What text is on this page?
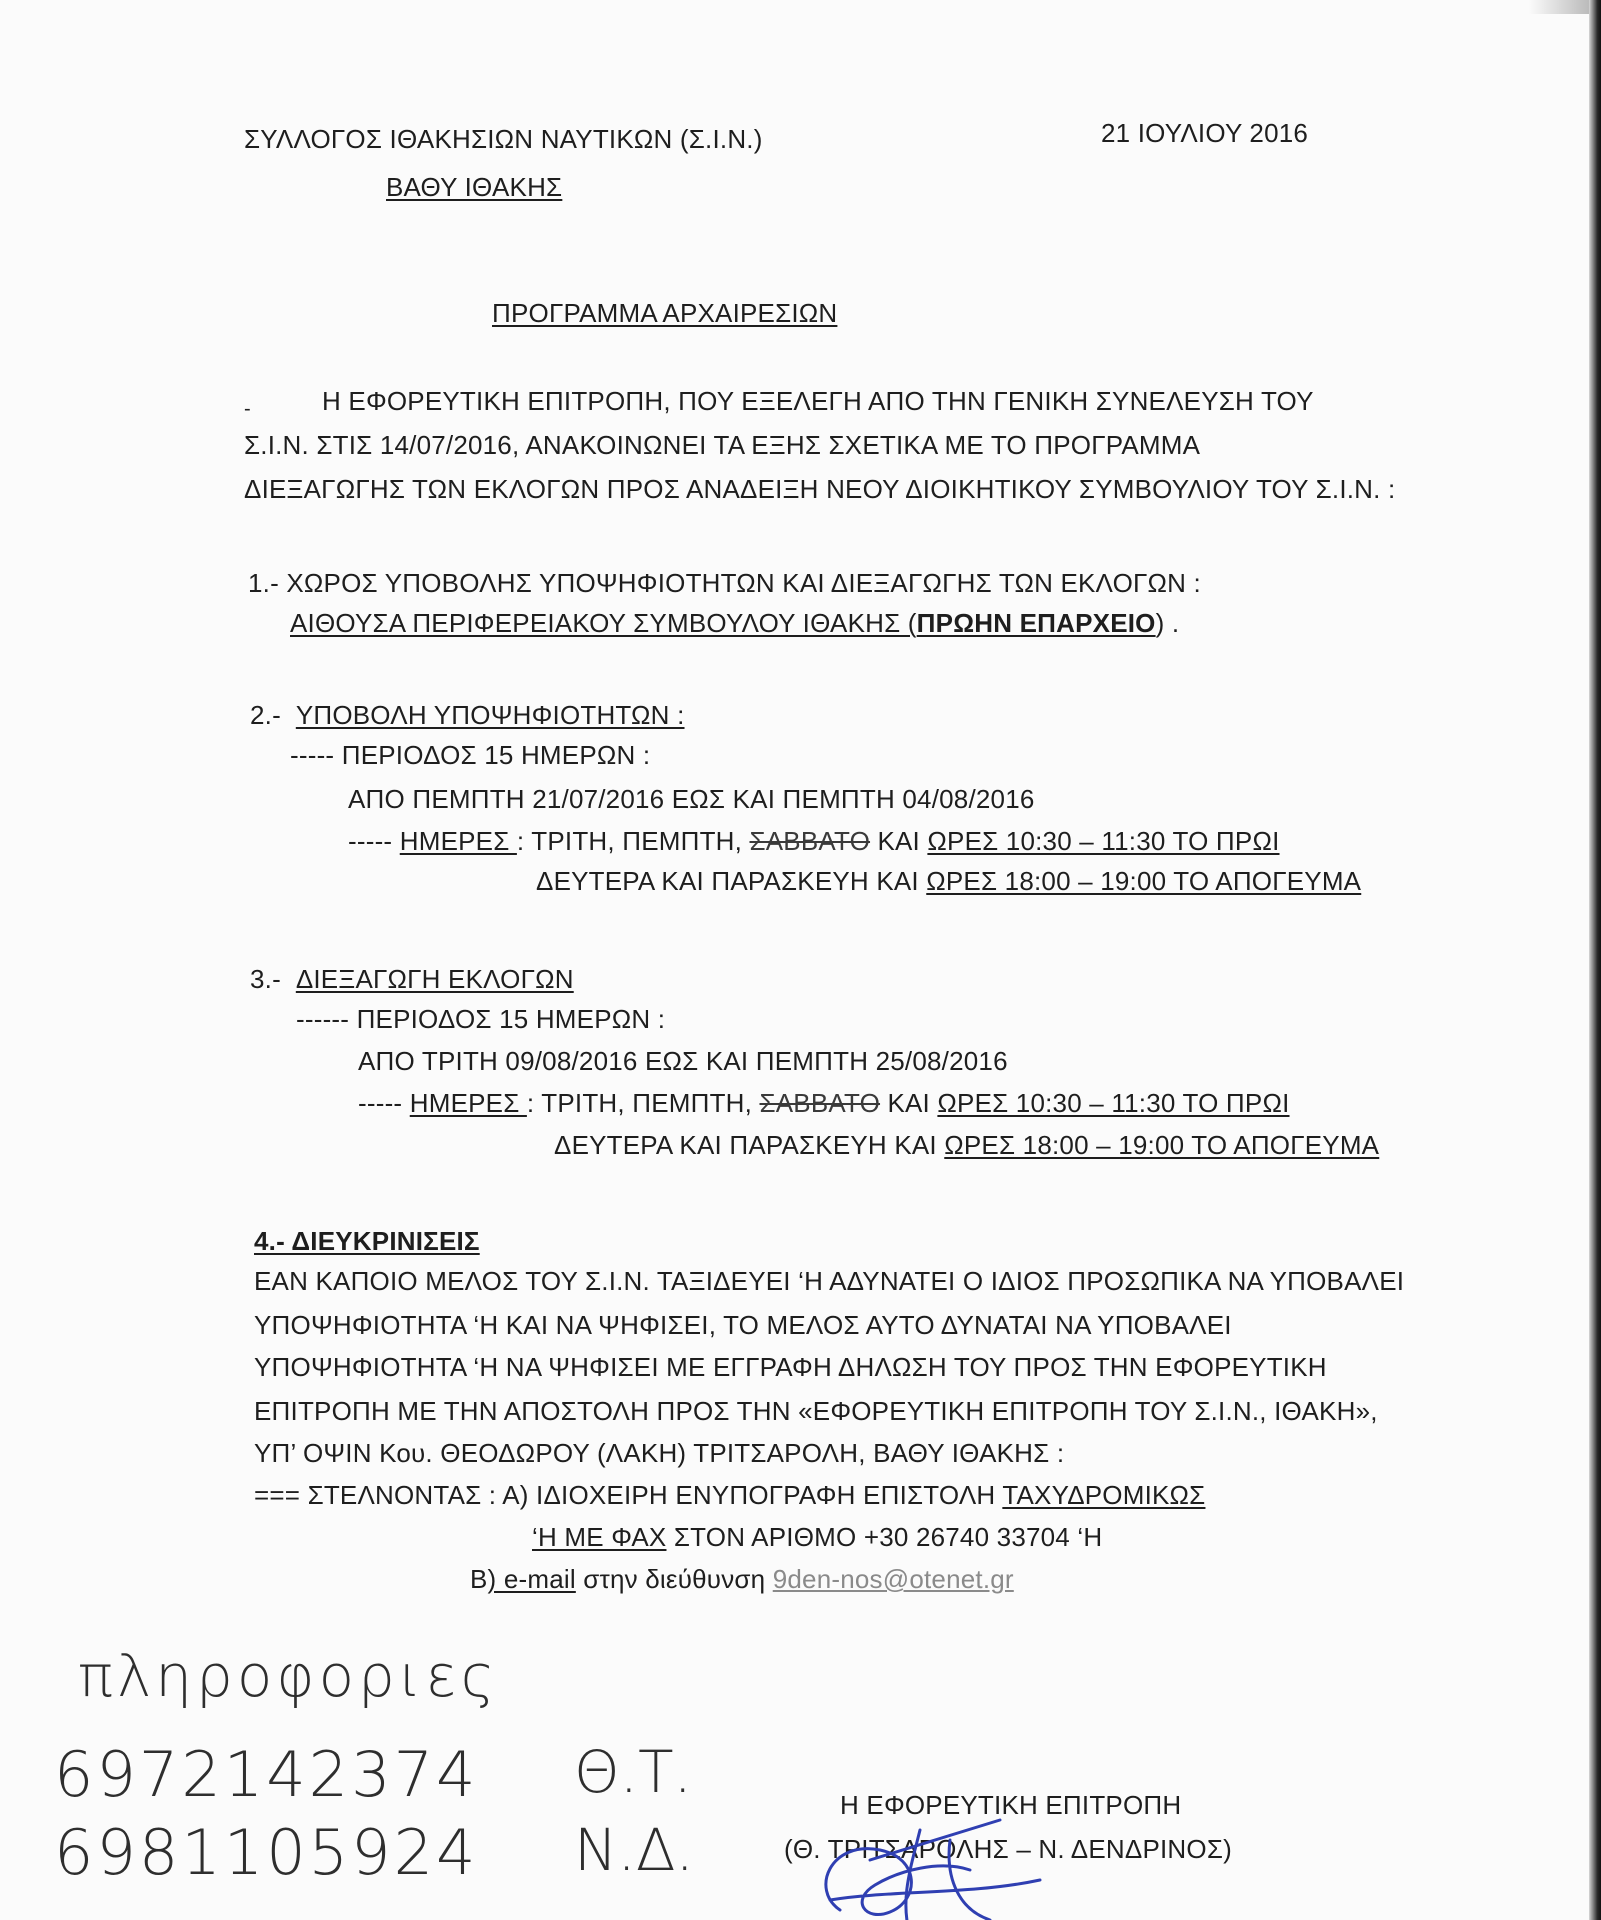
ΣΥΛΛΟΓΟΣ ΙΘΑΚΗΣΙΩΝ ΝΑΥΤΙΚΩΝ (Σ.Ι.Ν.)
ΒΑΘΥ ΙΘΑΚΗΣ
21 ΙΟΥΛΙΟΥ 2016
ΠΡΟΓΡΑΜΜΑ ΑΡΧΑΙΡΕΣΙΩΝ
-	Η ΕΦΟΡΕΥΤΙΚΗ ΕΠΙΤΡΟΠΗ, ΠΟΥ ΕΞΕΛΕΓΗ ΑΠΟ ΤΗΝ ΓΕΝΙΚΗ ΣΥΝΕΛΕΥΣΗ ΤΟΥ
Σ.Ι.Ν. ΣΤΙΣ 14/07/2016, ΑΝΑΚΟΙΝΩΝΕΙ ΤΑ ΕΞΗΣ ΣΧΕΤΙΚΑ ΜΕ ΤΟ ΠΡΟΓΡΑΜΜΑ
ΔΙΕΞΑΓΩΓΗΣ ΤΩΝ ΕΚΛΟΓΩΝ ΠΡΟΣ ΑΝΑΔΕΙΞΗ ΝΕΟΥ ΔΙΟΙΚΗΤΙΚΟΥ ΣΥΜΒΟΥΛΙΟΥ ΤΟΥ Σ.Ι.Ν. :
1.- ΧΩΡΟΣ ΥΠΟΒΟΛΗΣ ΥΠΟΨΗΦΙΟΤΗΤΩΝ ΚΑΙ ΔΙΕΞΑΓΩΓΗΣ ΤΩΝ ΕΚΛΟΓΩΝ :
ΑΙΘΟΥΣΑ ΠΕΡΙΦΕΡΕΙΑΚΟΥ ΣΥΜΒΟΥΛΟΥ ΙΘΑΚΗΣ (ΠΡΩΗΝ ΕΠΑΡΧΕΙΟ) .
2.- ΥΠΟΒΟΛΗ ΥΠΟΨΗΦΙΟΤΗΤΩΝ :
----- ΠΕΡΙΟΔΟΣ 15 ΗΜΕΡΩΝ :
ΑΠΟ ΠΕΜΠΤΗ 21/07/2016 ΕΩΣ ΚΑΙ ΠΕΜΠΤΗ 04/08/2016
----- ΗΜΕΡΕΣ : ΤΡΙΤΗ, ΠΕΜΠΤΗ, ΣΑΒΒΑΤΟ ΚΑΙ ΩΡΕΣ 10:30 – 11:30 ΤΟ ΠΡΩΙ
ΔΕΥΤΕΡΑ ΚΑΙ ΠΑΡΑΣΚΕΥΗ ΚΑΙ ΩΡΕΣ 18:00 – 19:00 ΤΟ ΑΠΟΓΕΥΜΑ
3.- ΔΙΕΞΑΓΩΓΗ ΕΚΛΟΓΩΝ
------ ΠΕΡΙΟΔΟΣ 15 ΗΜΕΡΩΝ :
ΑΠΟ ΤΡΙΤΗ 09/08/2016 ΕΩΣ ΚΑΙ ΠΕΜΠΤΗ 25/08/2016
----- ΗΜΕΡΕΣ : ΤΡΙΤΗ, ΠΕΜΠΤΗ, ΣΑΒΒΑΤΟ ΚΑΙ ΩΡΕΣ 10:30 – 11:30 ΤΟ ΠΡΩΙ
ΔΕΥΤΕΡΑ ΚΑΙ ΠΑΡΑΣΚΕΥΗ ΚΑΙ ΩΡΕΣ 18:00 – 19:00 ΤΟ ΑΠΟΓΕΥΜΑ
4.- ΔΙΕΥΚΡΙΝΙΣΕΙΣ
ΕΑΝ ΚΑΠΟΙΟ ΜΕΛΟΣ ΤΟΥ Σ.Ι.Ν. ΤΑΞΙΔΕΥΕΙ ‘Η ΑΔΥΝΑΤΕΙ Ο ΙΔΙΟΣ ΠΡΟΣΩΠΙΚΑ ΝΑ ΥΠΟΒΑΛΕΙ
ΥΠΟΨΗΦΙΟΤΗΤΑ ‘Η ΚΑΙ ΝΑ ΨΗΦΙΣΕΙ, ΤΟ ΜΕΛΟΣ ΑΥΤΟ ΔΥΝΑΤΑΙ ΝΑ ΥΠΟΒΑΛΕΙ
ΥΠΟΨΗΦΙΟΤΗΤΑ ‘Η ΝΑ ΨΗΦΙΣΕΙ ΜΕ ΕΓΓΡΑΦΗ ΔΗΛΩΣΗ ΤΟΥ ΠΡΟΣ ΤΗΝ ΕΦΟΡΕΥΤΙΚΗ
ΕΠΙΤΡΟΠΗ ΜΕ ΤΗΝ ΑΠΟΣΤΟΛΗ ΠΡΟΣ ΤΗΝ «ΕΦΟΡΕΥΤΙΚΗ ΕΠΙΤΡΟΠΗ ΤΟΥ Σ.Ι.Ν., ΙΘΑΚΗ»,
ΥΠ’ ΟΨΙΝ Κου. ΘΕΟΔΩΡΟΥ (ΛΑΚΗ) ΤΡΙΤΣΑΡΟΛΗ, ΒΑΘΥ ΙΘΑΚΗΣ :
=== ΣΤΕΛΝΟΝΤΑΣ : Α) ΙΔΙΟΧΕΙΡΗ ΕΝΥΠΟΓΡΑΦΗ ΕΠΙΣΤΟΛΗ ΤΑΧΥΔΡΟΜΙΚΩΣ
‘Η ΜΕ ΦΑΧ ΣΤΟΝ ΑΡΙΘΜΟ +30 26740 33704 ‘Η
Β) e-mail στην διεύθυνση 9den-nos@otenet.gr
πληροφοριες
6972142374 Θ.Τ.
6981105924 Ν.Δ.
Η ΕΦΟΡΕΥΤΙΚΗ ΕΠΙΤΡΟΠΗ
(Θ. ΤΡΙΤΣΑΡΟΛΗΣ – Ν. ΔΕΝΔΡΙΝΟΣ)
